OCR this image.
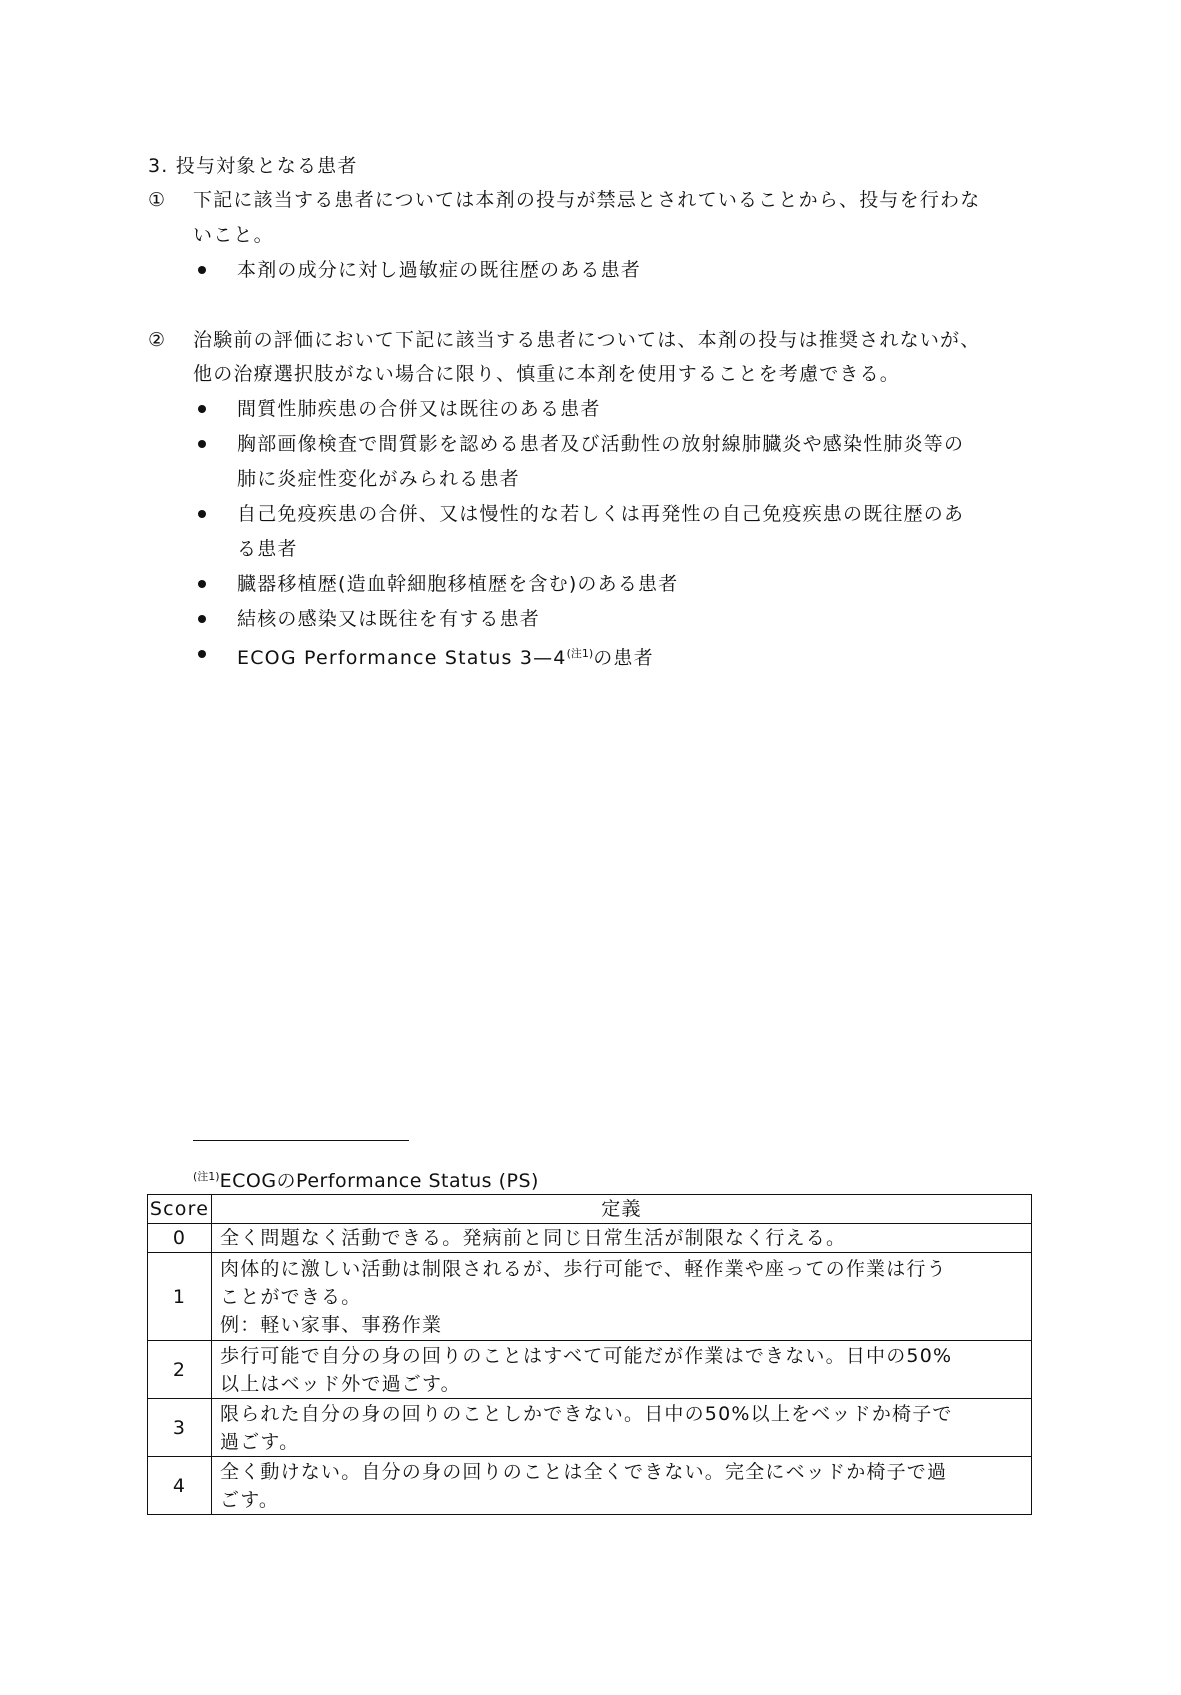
3. 投与対象となる患者
① 下記に該当する患者については本剤の投与が禁忌とされていることから、投与を行わな
いこと。
本剤の成分に対し過敏症の既往歴のある患者
② 治験前の評価において下記に該当する患者については、本剤の投与は推奨されないが、
他の治療選択肢がない場合に限り、慎重に本剤を使用することを考慮できる。
間質性肺疾患の合併又は既往のある患者
胸部画像検査で間質影を認める患者及び活動性の放射線肺臓炎や感染性肺炎等の
肺に炎症性変化がみられる患者
自己免疫疾患の合併、又は慢性的な若しくは再発性の自己免疫疾患の既往歴のあ
る患者
臓器移植歴(造血幹細胞移植歴を含む)のある患者
結核の感染又は既往を有する患者
ECOG Performance Status $3—4^{(注1)}$の患者
$^{(注1)}$ECOGのPerformance Status (PS)
Score	定義
0	全く問題なく活動できる。発病前と同じ日常生活が制限なく行える。

1	肉体的に激しい活動は制限されるが、歩行可能で、軽作業や座っての作業は行う
ことができる。
例：軽い家事、事務作業

2	歩行可能で自分の身の回りのことはすべて可能だが作業はできない。日中の50%
以上はベッド外で過ごす。

3	限られた自分の身の回りのことしかできない。日中の50%以上をベッドか椅子で
過ごす。

4	全く動けない。自分の身の回りのことは全くできない。完全にベッドか椅子で過
ごす。
